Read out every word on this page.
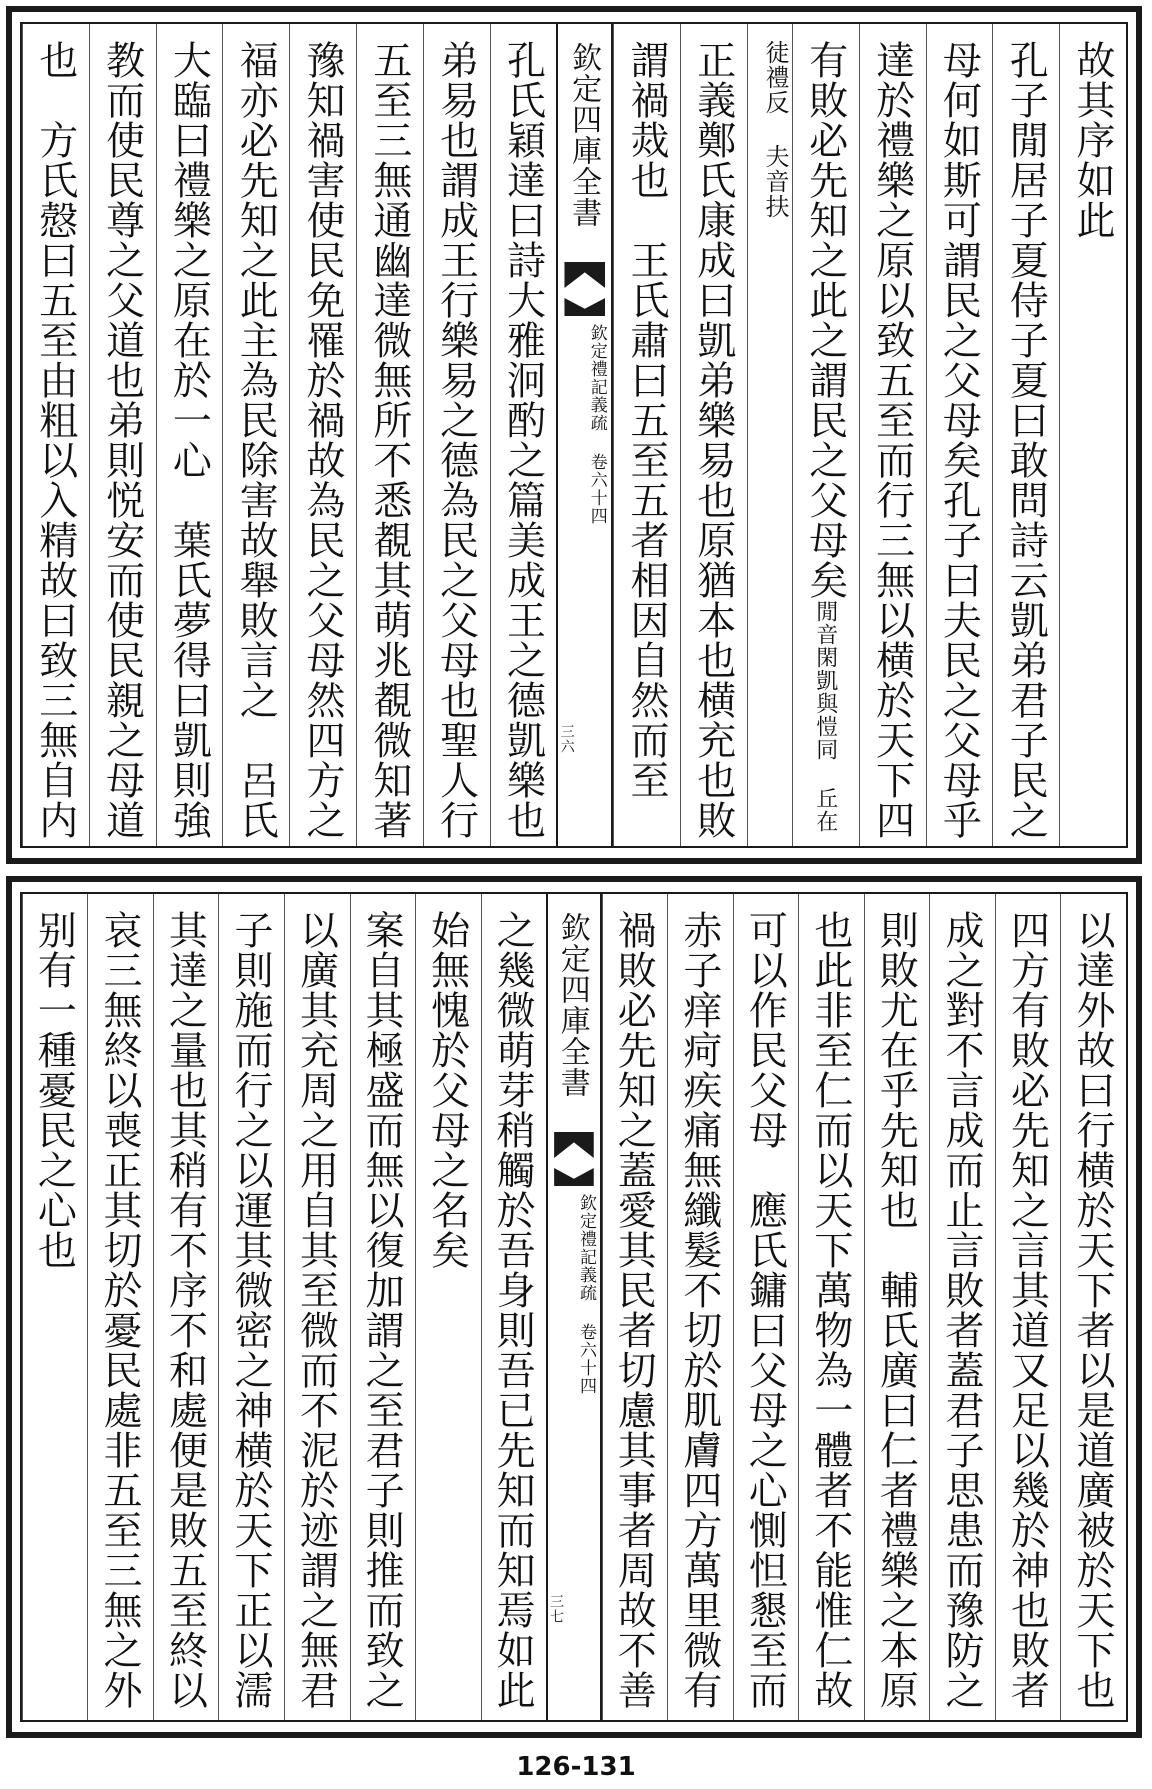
故其序如此
孔子閒居子夏侍子夏曰敢問詩云凱弟君子民之
母何如斯可謂民之父母矣孔子曰夫民之父母乎
達於禮樂之原以致五至而行三無以横於天下四
有敗必先知之此之謂民之父母矣閒音閑凱與愷同 丘在
徒禮反 夫音扶
正義鄭氏康成曰凱弟樂易也原猶本也横充也敗
謂禍烖也　王氏肅曰五至五者相因自然而至
欽定四庫全書
欽定禮記義疏 卷六十四
三六
孔氏穎達曰詩大雅泂酌之篇美成王之德凱樂也
弟易也謂成王行樂易之德為民之父母也聖人行
五至三無通幽達微無所不悉覩其萌兆覩微知著
豫知禍害使民免罹於禍故為民之父母然四方之
福亦必先知之此主為民除害故舉敗言之　呂氏
大臨曰禮樂之原在於一心　葉氏夢得曰凱則強
教而使民尊之父道也弟則悦安而使民親之母道
也　方氏慤曰五至由粗以入精故曰致三無自内
以達外故曰行横於天下者以是道廣被於天下也
四方有敗必先知之言其道又足以幾於神也敗者
成之對不言成而止言敗者蓋君子思患而豫防之
則敗尤在乎先知也　輔氏廣曰仁者禮樂之本原
也此非至仁而以天下萬物為一體者不能惟仁故
可以作民父母　應氏鏞曰父母之心惻怛懇至而
赤子痒疴疾痛無纖髮不切於肌膚四方萬里微有
禍敗必先知之蓋愛其民者切慮其事者周故不善
欽定四庫全書
欽定禮記義疏 卷六十四
三七
之幾微萌芽稍觸於吾身則吾已先知而知焉如此
始無愧於父母之名矣
案自其極盛而無以復加謂之至君子則推而致之
以廣其充周之用自其至微而不泥於迹謂之無君
子則施而行之以運其微密之神横於天下正以濡
其達之量也其稍有不序不和處便是敗五至終以
哀三無終以喪正其切於憂民處非五至三無之外
别有一種憂民之心也
126-131
